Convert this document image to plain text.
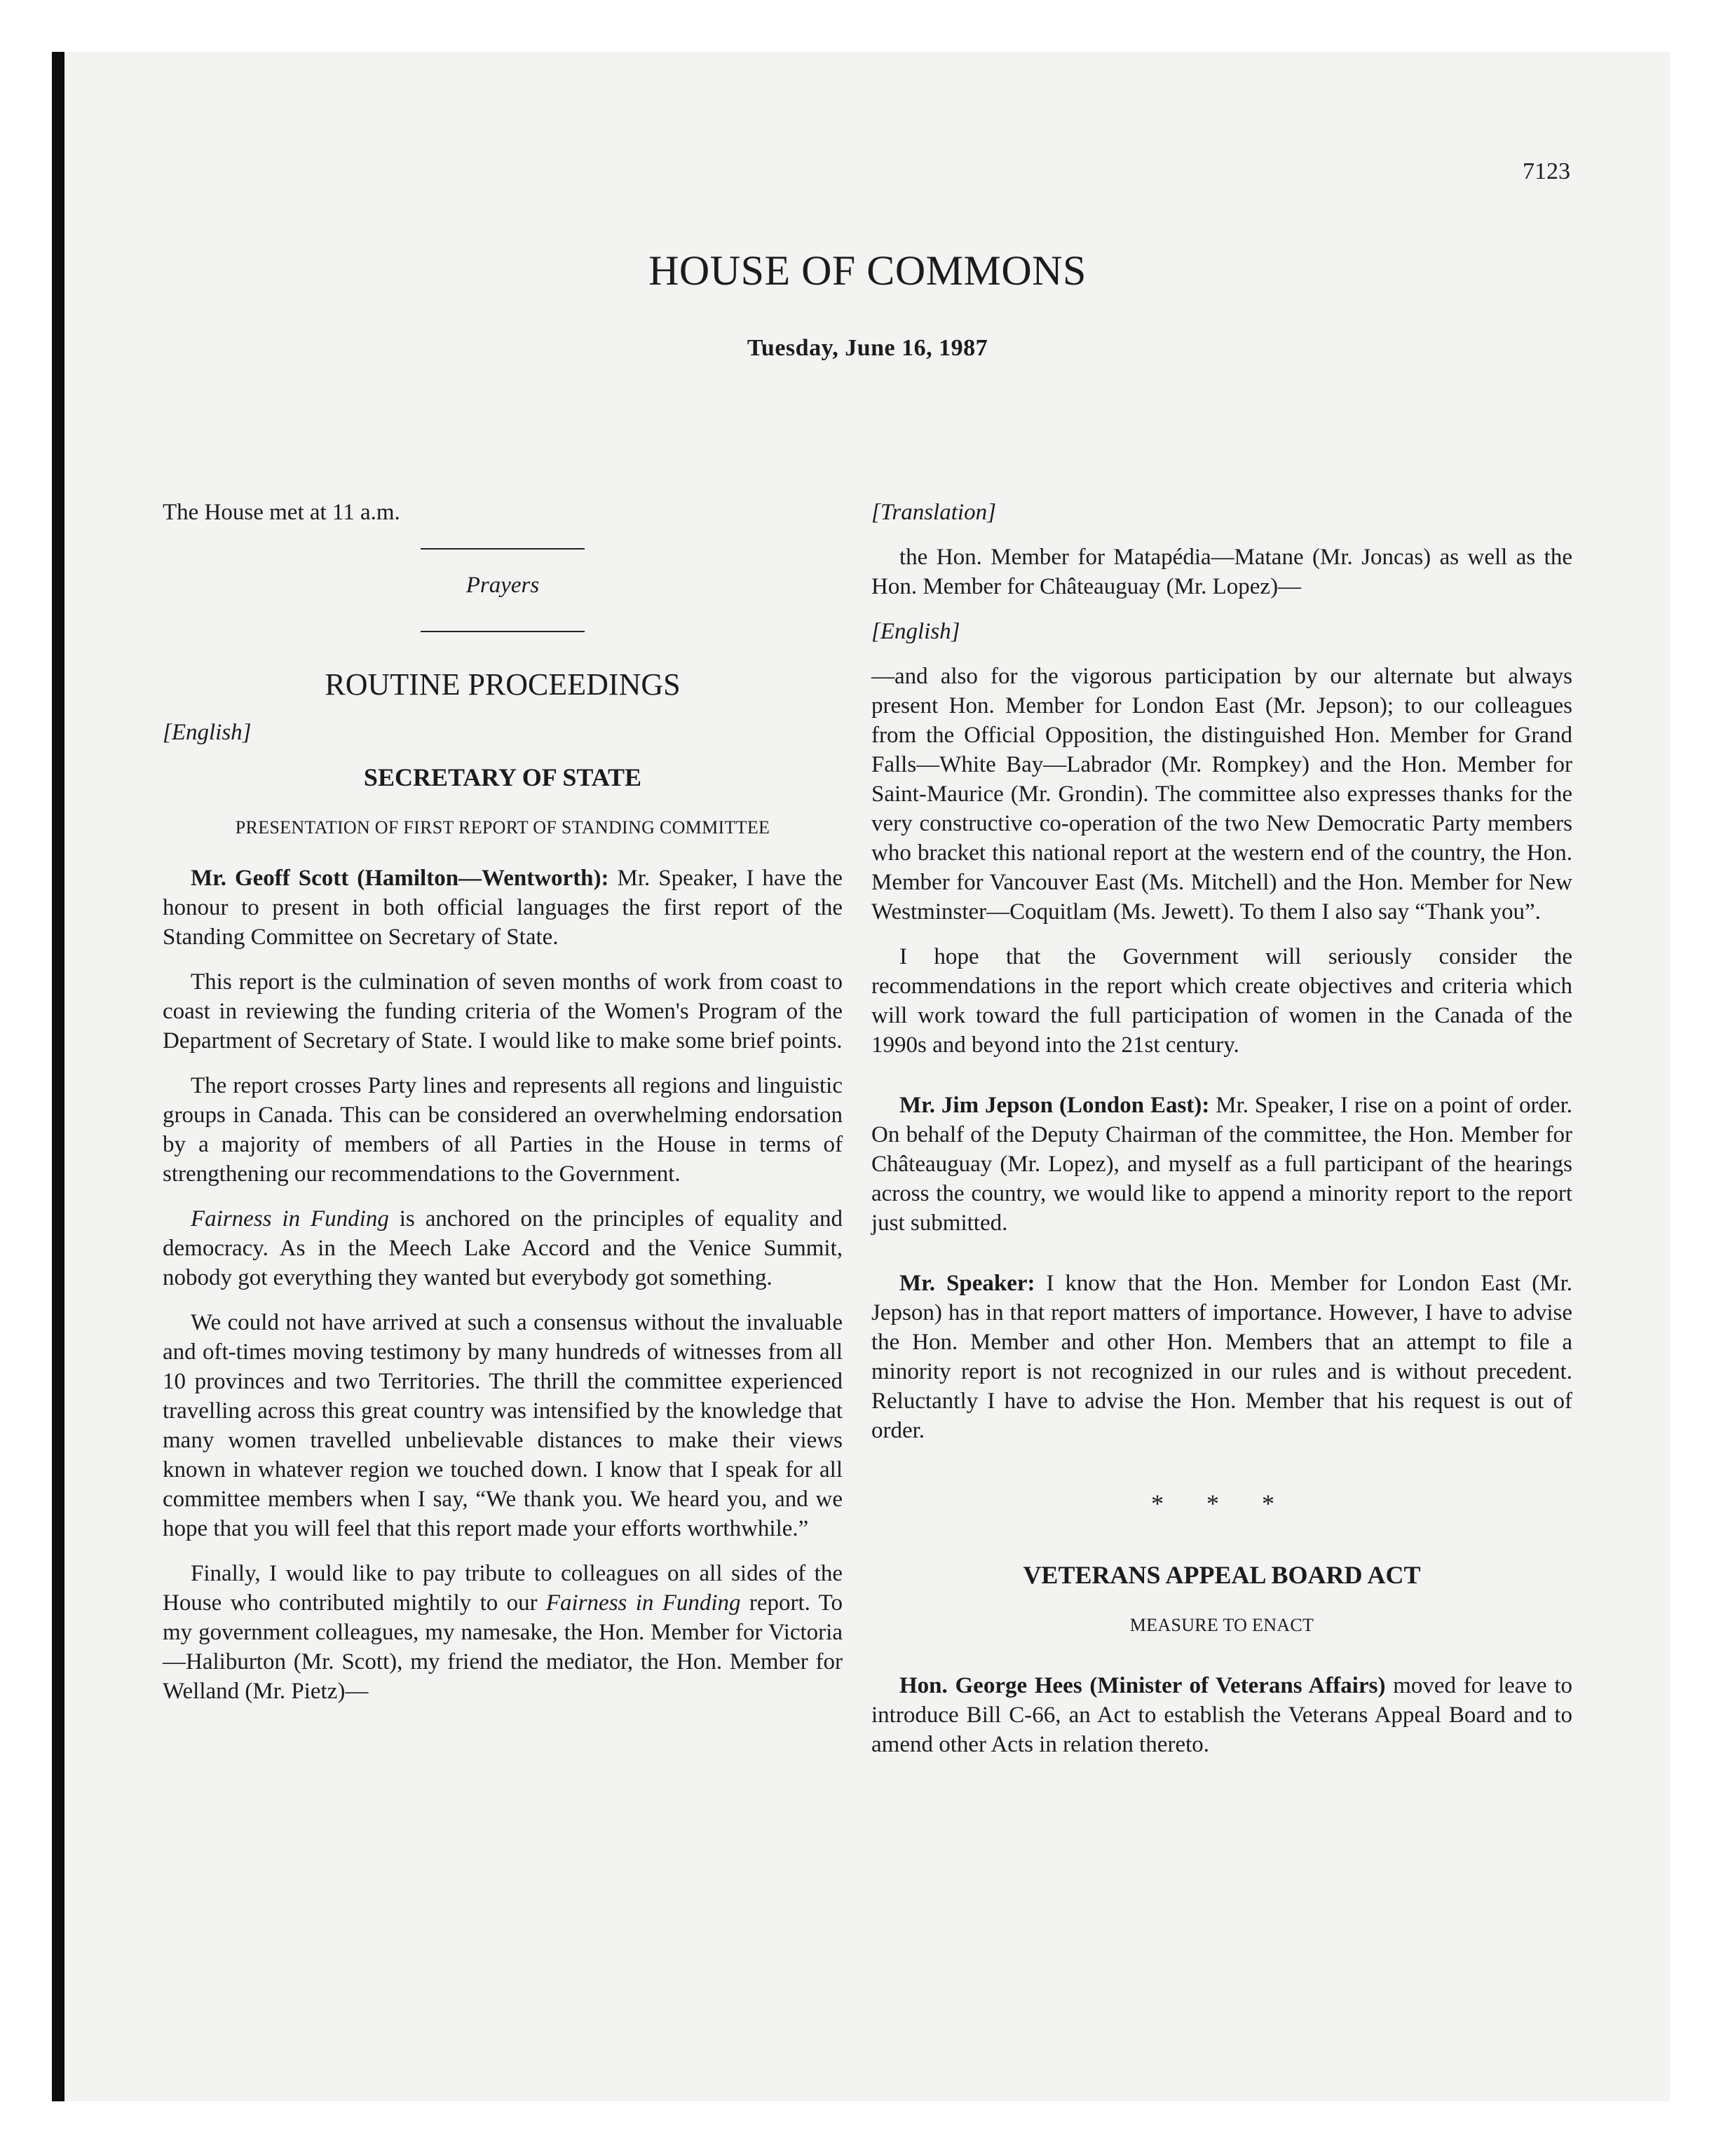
7123
HOUSE OF COMMONS
Tuesday, June 16, 1987

The House met at 11 a.m.

Prayers

ROUTINE PROCEEDINGS

[English]

SECRETARY OF STATE

PRESENTATION OF FIRST REPORT OF STANDING COMMITTEE

Mr. Geoff Scott (Hamilton—Wentworth): Mr. Speaker, I have the honour to present in both official languages the first report of the Standing Committee on Secretary of State.

This report is the culmination of seven months of work from coast to coast in reviewing the funding criteria of the Women's Program of the Department of Secretary of State. I would like to make some brief points.

The report crosses Party lines and represents all regions and linguistic groups in Canada. This can be considered an overwhelming endorsation by a majority of members of all Parties in the House in terms of strengthening our recommendations to the Government.

Fairness in Funding is anchored on the principles of equality and democracy. As in the Meech Lake Accord and the Venice Summit, nobody got everything they wanted but everybody got something.

We could not have arrived at such a consensus without the invaluable and oft-times moving testimony by many hundreds of witnesses from all 10 provinces and two Territories. The thrill the committee experienced travelling across this great country was intensified by the knowledge that many women travelled unbelievable distances to make their views known in whatever region we touched down. I know that I speak for all committee members when I say, “We thank you. We heard you, and we hope that you will feel that this report made your efforts worthwhile.”

Finally, I would like to pay tribute to colleagues on all sides of the House who contributed mightily to our Fairness in Funding report. To my government colleagues, my namesake, the Hon. Member for Victoria—Haliburton (Mr. Scott), my friend the mediator, the Hon. Member for Welland (Mr. Pietz)—

[Translation]

the Hon. Member for Matapédia—Matane (Mr. Joncas) as well as the Hon. Member for Châteauguay (Mr. Lopez)—

[English]

—and also for the vigorous participation by our alternate but always present Hon. Member for London East (Mr. Jepson); to our colleagues from the Official Opposition, the distinguished Hon. Member for Grand Falls—White Bay—Labrador (Mr. Rompkey) and the Hon. Member for Saint-Maurice (Mr. Grondin). The committee also expresses thanks for the very constructive co-operation of the two New Democratic Party members who bracket this national report at the western end of the country, the Hon. Member for Vancouver East (Ms. Mitchell) and the Hon. Member for New Westminster—Coquitlam (Ms. Jewett). To them I also say “Thank you”.

I hope that the Government will seriously consider the recommendations in the report which create objectives and criteria which will work toward the full participation of women in the Canada of the 1990s and beyond into the 21st century.

Mr. Jim Jepson (London East): Mr. Speaker, I rise on a point of order. On behalf of the Deputy Chairman of the committee, the Hon. Member for Châteauguay (Mr. Lopez), and myself as a full participant of the hearings across the country, we would like to append a minority report to the report just submitted.

Mr. Speaker: I know that the Hon. Member for London East (Mr. Jepson) has in that report matters of importance. However, I have to advise the Hon. Member and other Hon. Members that an attempt to file a minority report is not recognized in our rules and is without precedent. Reluctantly I have to advise the Hon. Member that his request is out of order.

* * *

VETERANS APPEAL BOARD ACT

MEASURE TO ENACT

Hon. George Hees (Minister of Veterans Affairs) moved for leave to introduce Bill C-66, an Act to establish the Veterans Appeal Board and to amend other Acts in relation thereto.
